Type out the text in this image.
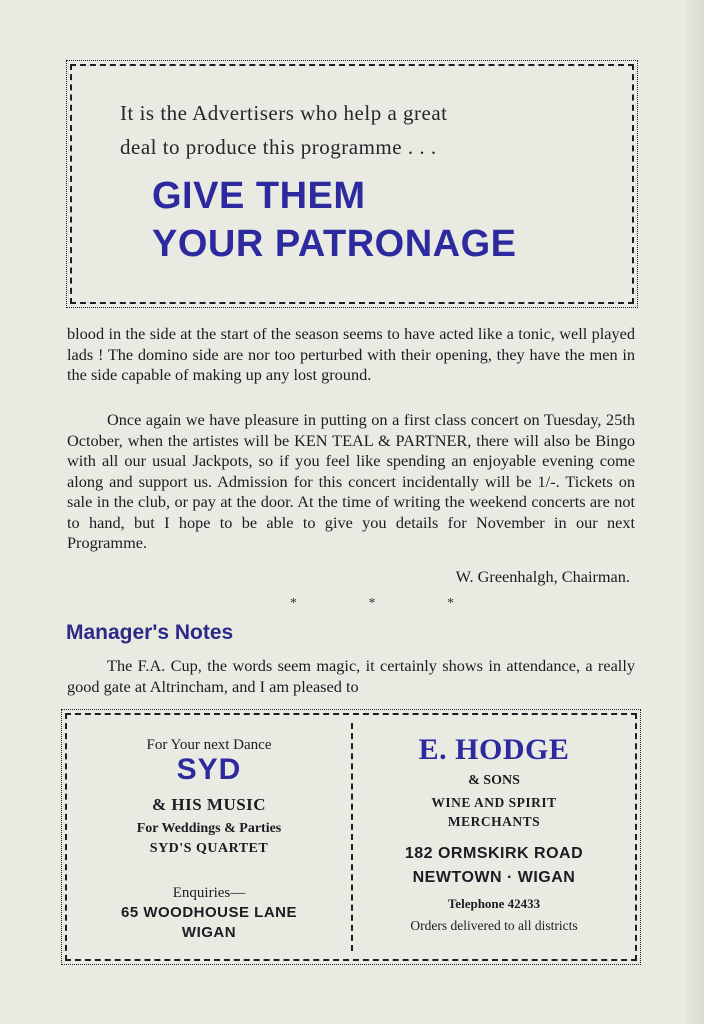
It is the Advertisers who help a great
deal to produce this programme . . .
GIVE THEM
YOUR PATRONAGE
blood in the side at the start of the season seems to have acted like a tonic, well played lads ! The domino side are nor too perturbed with their opening, they have the men in the side capable of making up any lost ground.
Once again we have pleasure in putting on a first class concert on Tuesday, 25th October, when the artistes will be KEN TEAL & PARTNER, there will also be Bingo with all our usual Jackpots, so if you feel like spending an enjoyable evening come along and support us. Admission for this concert incidentally will be 1/-. Tickets on sale in the club, or pay at the door. At the time of writing the weekend concerts are not to hand, but I hope to be able to give you details for November in our next Programme.
W. Greenhalgh, Chairman.
* * *
Manager's Notes
The F.A. Cup, the words seem magic, it certainly shows in attendance, a really good gate at Altrincham, and I am pleased to
For Your next Dance
SYD
& HIS MUSIC
For Weddings & Parties
SYD'S QUARTET
Enquiries—
65 WOODHOUSE LANE
WIGAN
E. HODGE
& SONS
WINE AND SPIRIT
MERCHANTS
182 ORMSKIRK ROAD
NEWTOWN · WIGAN
Telephone 42433
Orders delivered to all districts
